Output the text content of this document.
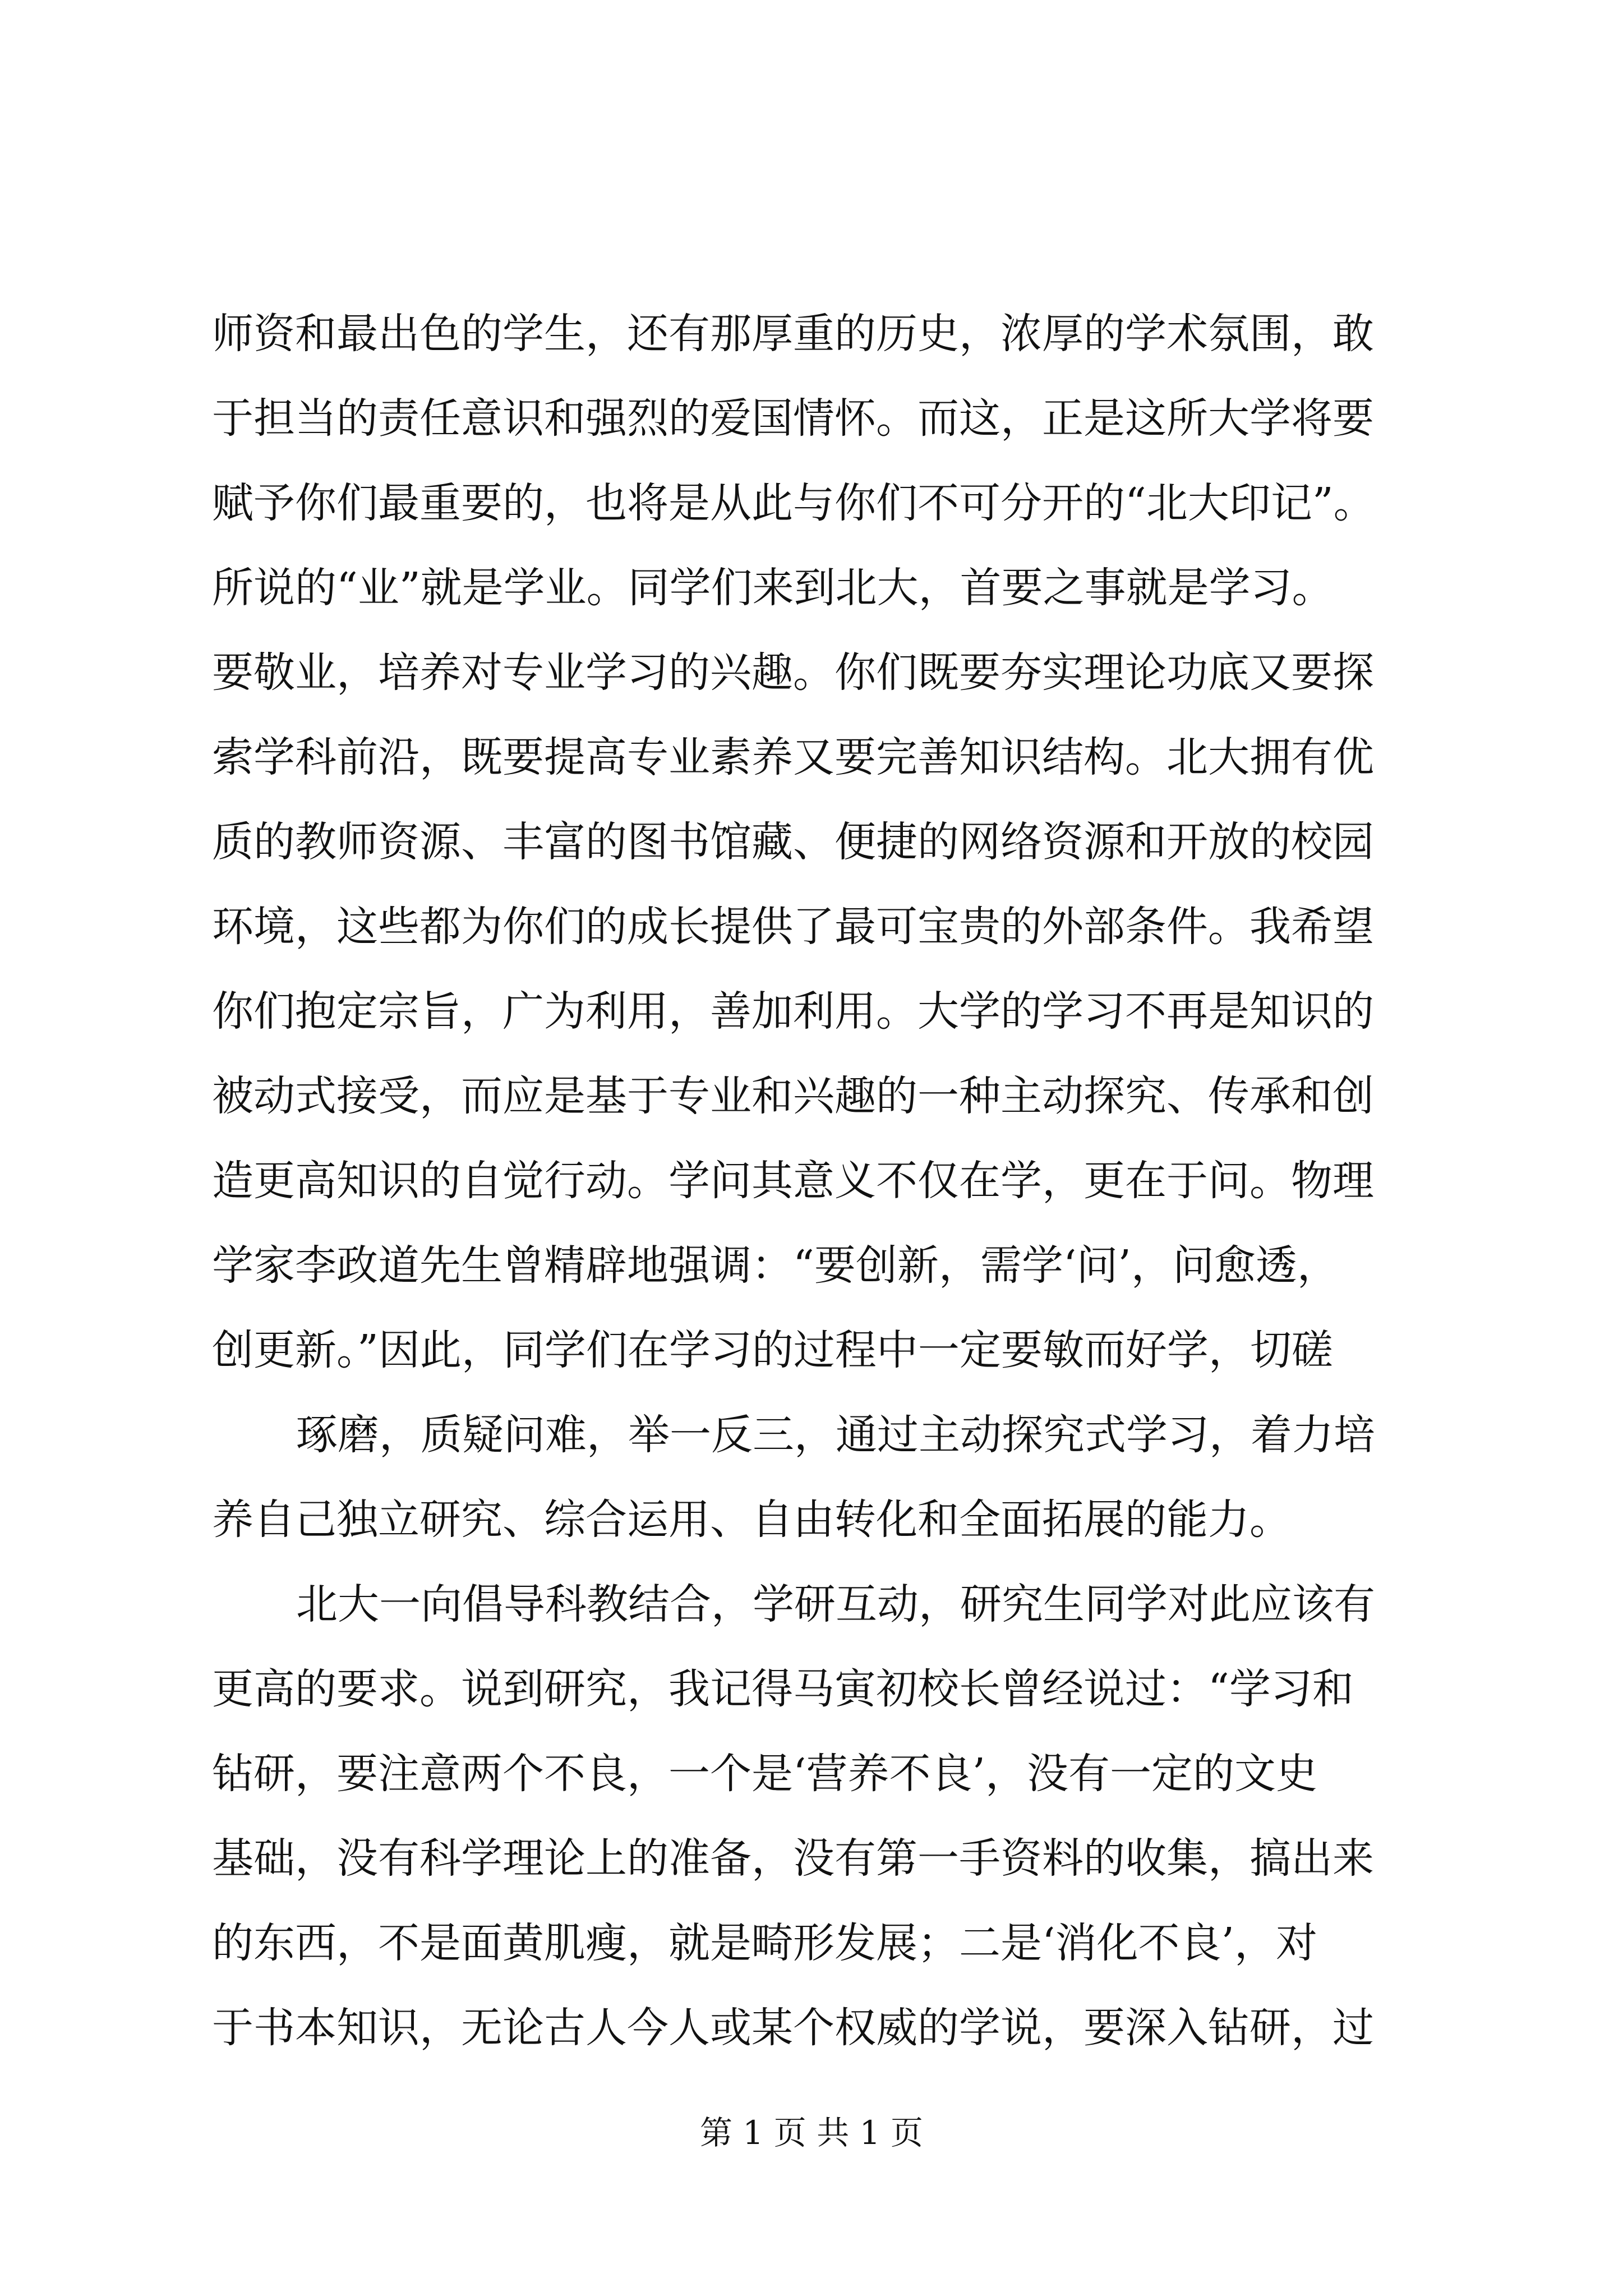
师资和最出色的学生，还有那厚重的历史，浓厚的学术氛围，敢
于担当的责任意识和强烈的爱国情怀。而这，正是这所大学将要
赋予你们最重要的，也将是从此与你们不可分开的“北大印记”。
所说的“业”就是学业。同学们来到北大，首要之事就是学习。
要敬业，培养对专业学习的兴趣。你们既要夯实理论功底又要探
索学科前沿，既要提高专业素养又要完善知识结构。北大拥有优
质的教师资源、丰富的图书馆藏、便捷的网络资源和开放的校园
环境，这些都为你们的成长提供了最可宝贵的外部条件。我希望
你们抱定宗旨，广为利用，善加利用。大学的学习不再是知识的
被动式接受，而应是基于专业和兴趣的一种主动探究、传承和创
造更高知识的自觉行动。学问其意义不仅在学，更在于问。物理
学家李政道先生曾精辟地强调：“要创新，需学‘问’，问愈透，
创更新。”因此，同学们在学习的过程中一定要敏而好学，切磋
琢磨，质疑问难，举一反三，通过主动探究式学习，着力培
养自己独立研究、综合运用、自由转化和全面拓展的能力。
北大一向倡导科教结合，学研互动，研究生同学对此应该有
更高的要求。说到研究，我记得马寅初校长曾经说过：“学习和
钻研，要注意两个不良，一个是‘营养不良’，没有一定的文史
基础，没有科学理论上的准备，没有第一手资料的收集，搞出来
的东西，不是面黄肌瘦，就是畸形发展；二是‘消化不良’，对
于书本知识，无论古人今人或某个权威的学说，要深入钻研，过
第 1 页 共 1 页
